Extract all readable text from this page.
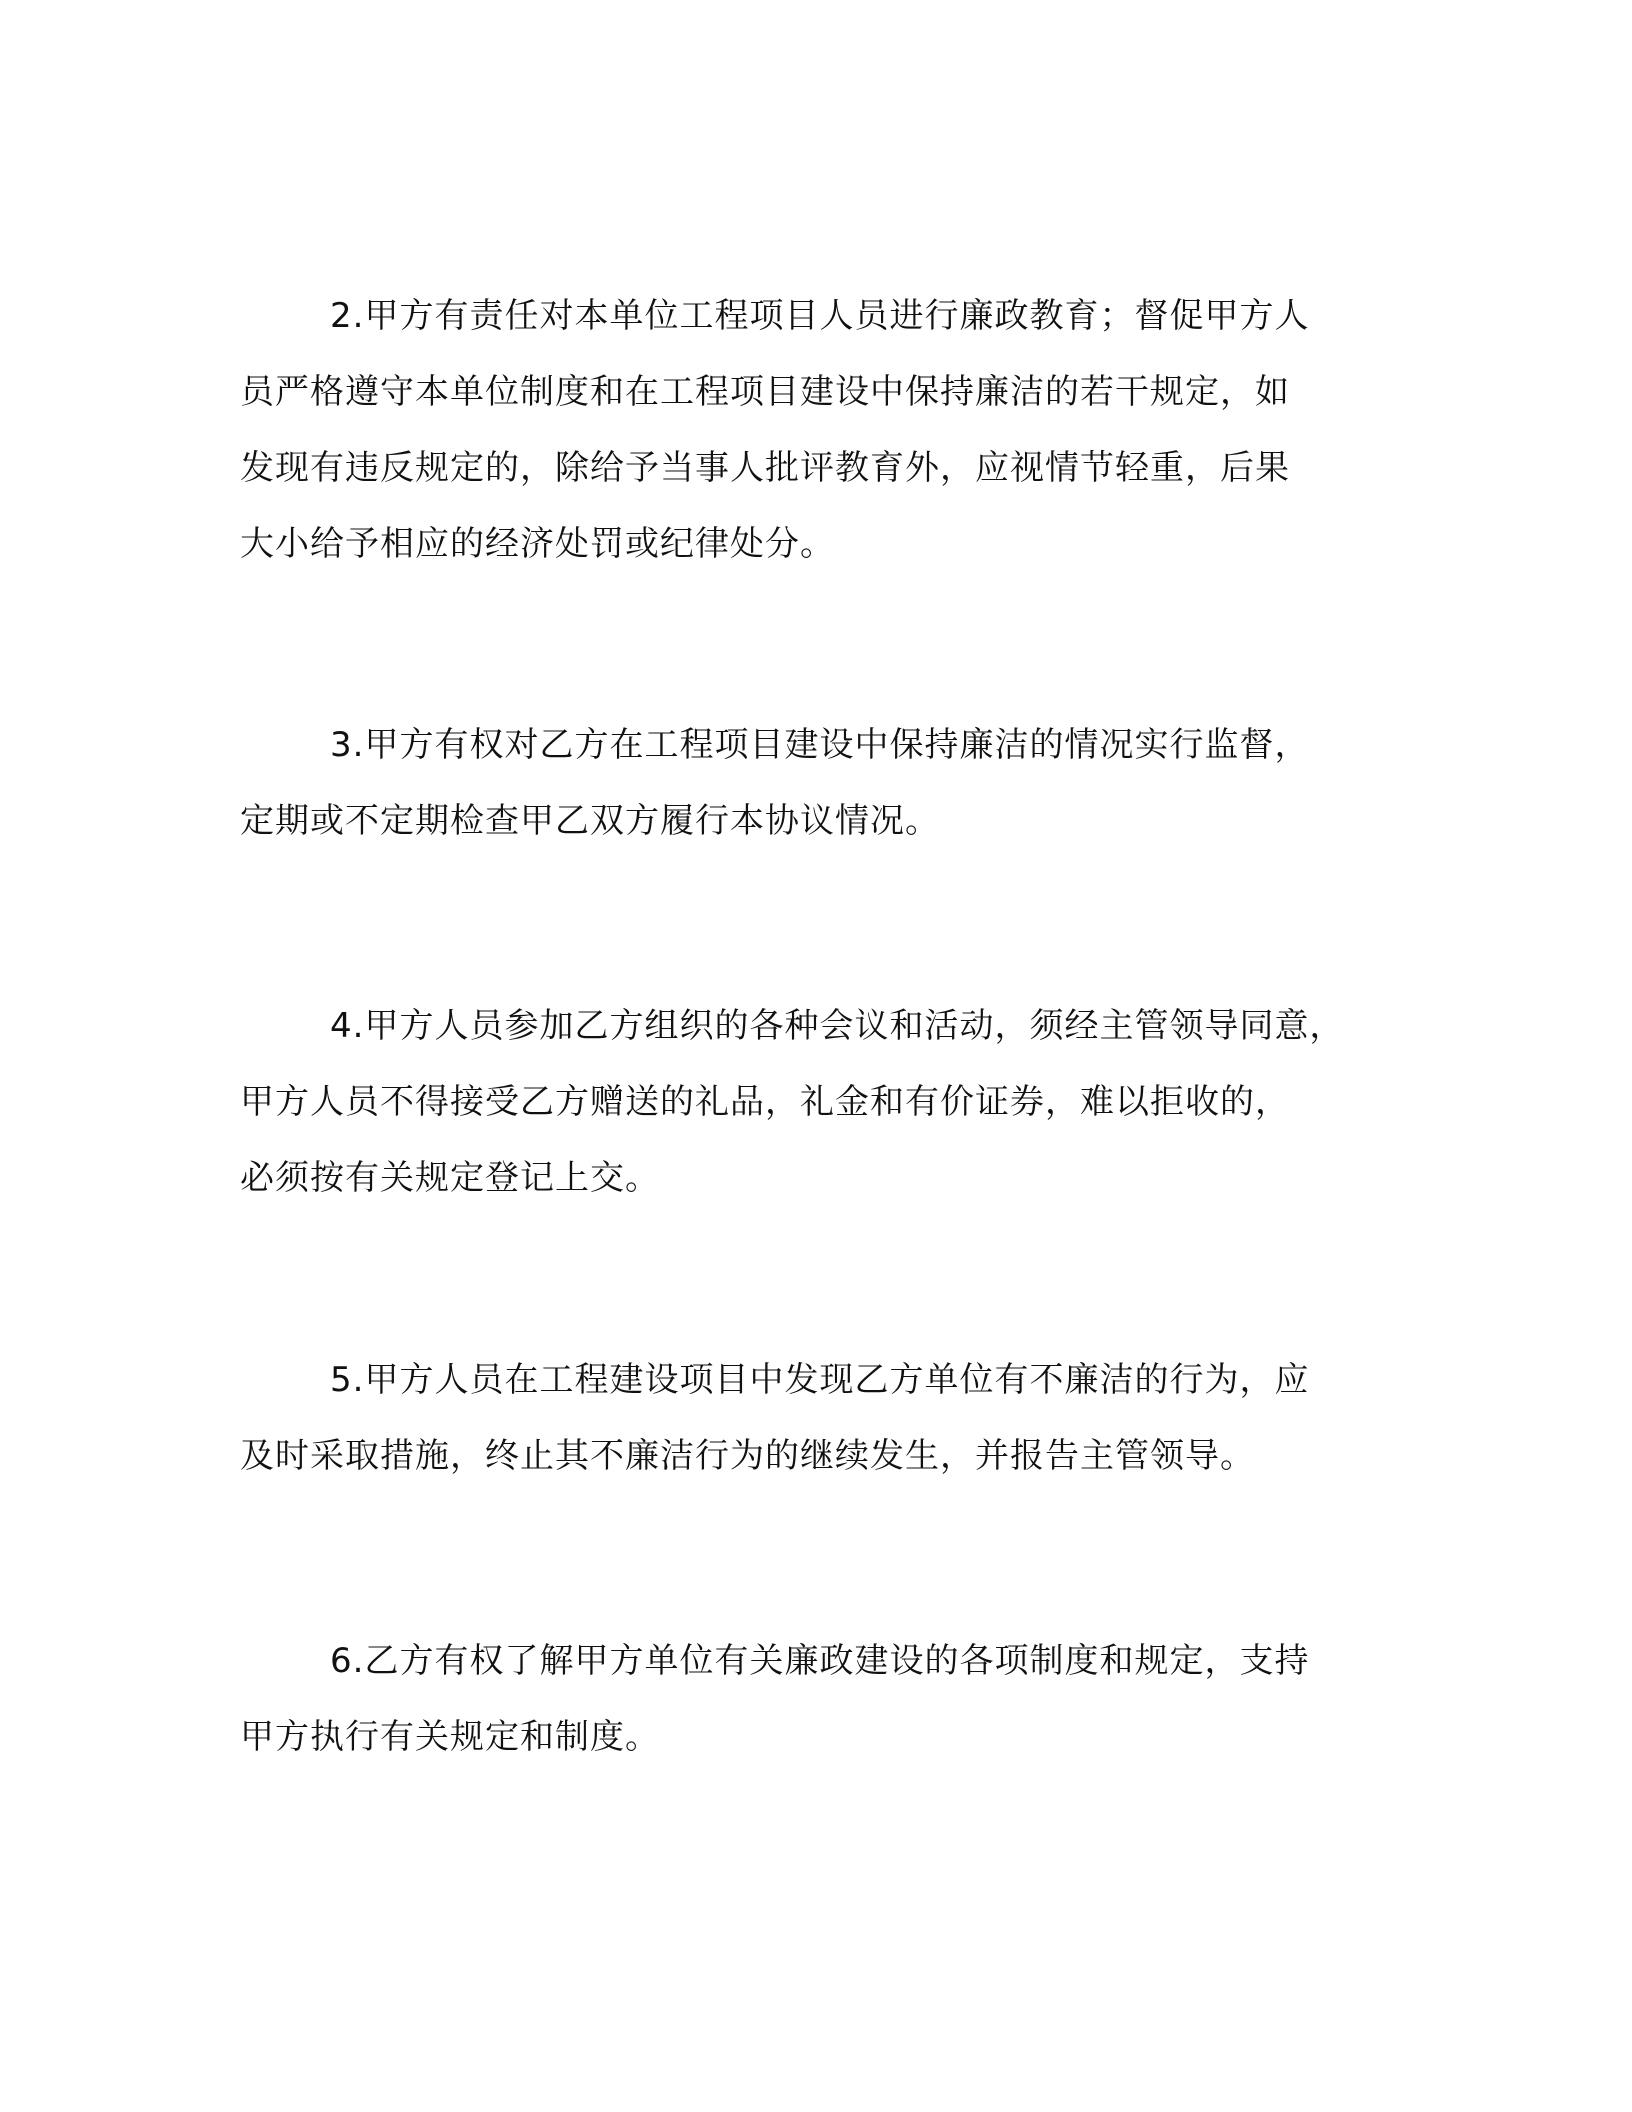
2.甲方有责任对本单位工程项目人员进行廉政教育；督促甲方人
员严格遵守本单位制度和在工程项目建设中保持廉洁的若干规定，如
发现有违反规定的，除给予当事人批评教育外，应视情节轻重，后果
大小给予相应的经济处罚或纪律处分。
3.甲方有权对乙方在工程项目建设中保持廉洁的情况实行监督，
定期或不定期检查甲乙双方履行本协议情况。
4.甲方人员参加乙方组织的各种会议和活动，须经主管领导同意，
甲方人员不得接受乙方赠送的礼品，礼金和有价证券，难以拒收的，
必须按有关规定登记上交。
5.甲方人员在工程建设项目中发现乙方单位有不廉洁的行为，应
及时采取措施，终止其不廉洁行为的继续发生，并报告主管领导。
6.乙方有权了解甲方单位有关廉政建设的各项制度和规定，支持
甲方执行有关规定和制度。
